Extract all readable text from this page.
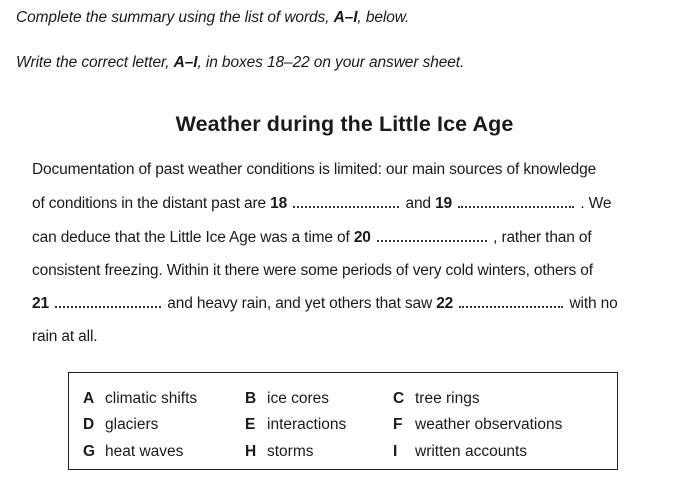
Complete the summary using the list of words, A–I, below.
Write the correct letter, A–I, in boxes 18–22 on your answer sheet.
Weather during the Little Ice Age
Documentation of past weather conditions is limited: our main sources of knowledge
of conditions in the distant past are 18	and 19	. We
can deduce that the Little Ice Age was a time of 20	, rather than of
consistent freezing. Within it there were some periods of very cold winters, others of
21	and heavy rain, and yet others that saw 22	with no
rain at all.
A climatic shifts	B ice cores	C tree rings
D glaciers	E interactions	F weather observations
G heat waves	H storms	I written accounts
